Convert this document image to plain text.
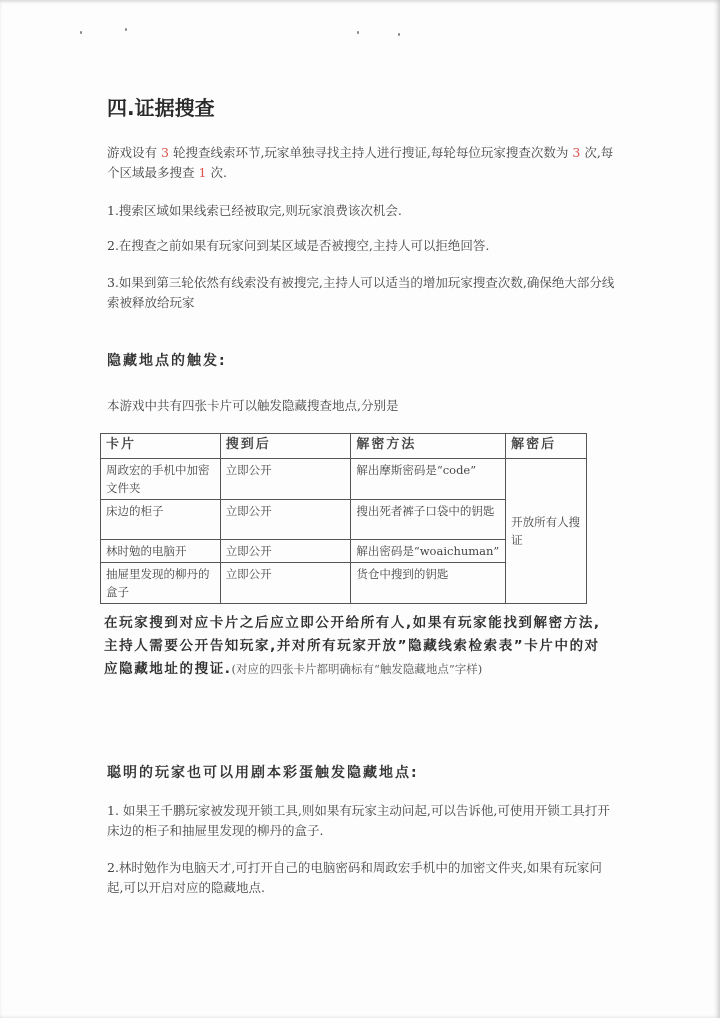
四.证据搜查
游戏设有 3 轮搜查线索环节,玩家单独寻找主持人进行搜证,每轮每位玩家搜查次数为 3 次,每个区域最多搜查 1 次.
1.搜索区域如果线索已经被取完,则玩家浪费该次机会.
2.在搜查之前如果有玩家问到某区域是否被搜空,主持人可以拒绝回答.
3.如果到第三轮依然有线索没有被搜完,主持人可以适当的增加玩家搜查次数,确保绝大部分线索被释放给玩家
隐藏地点的触发:
本游戏中共有四张卡片可以触发隐藏搜查地点,分别是
卡片	搜到后	解密方法	解密后
周政宏的手机中加密文件夹	立即公开	解出摩斯密码是“code”	开放所有人搜证
床边的柜子	立即公开	搜出死者裤子口袋中的钥匙	
林时勉的电脑开	立即公开	解出密码是“woaichuman”	
抽屉里发现的柳丹的盒子	立即公开	货仓中搜到的钥匙	
在玩家搜到对应卡片之后应立即公开给所有人,如果有玩家能找到解密方法,主持人需要公开告知玩家,并对所有玩家开放”隐藏线索检索表”卡片中的对应隐藏地址的搜证.(对应的四张卡片都明确标有“触发隐藏地点”字样)
聪明的玩家也可以用剧本彩蛋触发隐藏地点:
1. 如果王千鹏玩家被发现开锁工具,则如果有玩家主动问起,可以告诉他,可使用开锁工具打开床边的柜子和抽屉里发现的柳丹的盒子.
2.林时勉作为电脑天才,可打开自己的电脑密码和周政宏手机中的加密文件夹,如果有玩家问起,可以开启对应的隐藏地点.
